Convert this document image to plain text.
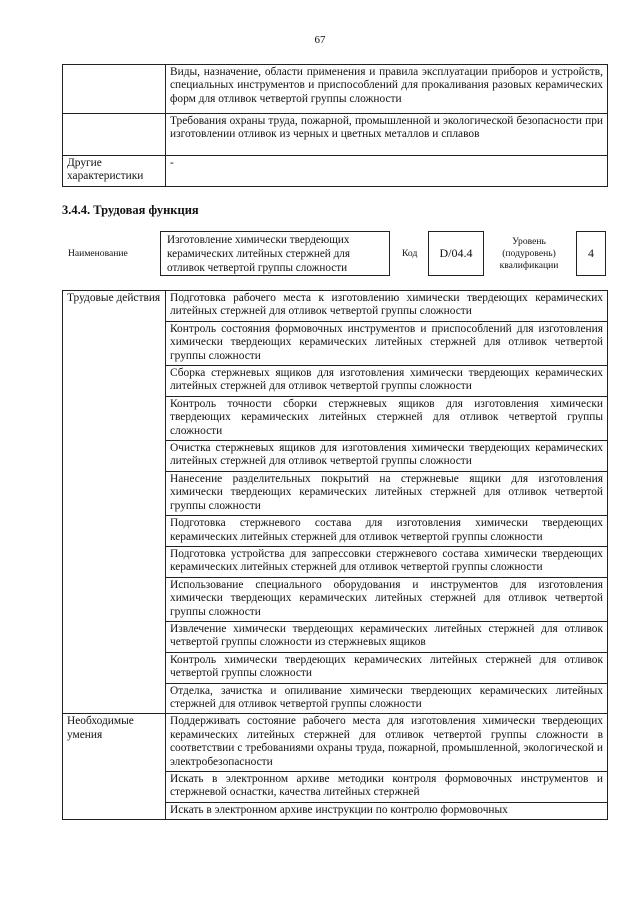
67
	Виды, назначение, области применения и правила эксплуатации приборов и устройств, специальных инструментов и приспособлений для прокаливания разовых керамических форм для отливок четвертой группы сложности
	Требования охраны труда, пожарной, промышленной и экологической безопасности при изготовлении отливок из черных и цветных металлов и сплавов
Другие характеристики	-
3.4.4. Трудовая функция
Наименование
Изготовление химически твердеющих керамических литейных стержней для отливок четвертой группы сложности
Код	D/04.4
Уровень (подуровень) квалификации
4
Трудовые действия	Подготовка рабочего места к изготовлению химически твердеющих керамических литейных стержней для отливок четвертой группы сложности
	Контроль состояния формовочных инструментов и приспособлений для изготовления химически твердеющих керамических литейных стержней для отливок четвертой группы сложности
	Сборка стержневых ящиков для изготовления химически твердеющих керамических литейных стержней для отливок четвертой группы сложности
	Контроль точности сборки стержневых ящиков для изготовления химически твердеющих керамических литейных стержней для отливок четвертой группы сложности
	Очистка стержневых ящиков для изготовления химически твердеющих керамических литейных стержней для отливок четвертой группы сложности
	Нанесение разделительных покрытий на стержневые ящики для изготовления химически твердеющих керамических литейных стержней для отливок четвертой группы сложности
	Подготовка стержневого состава для изготовления химически твердеющих керамических литейных стержней для отливок четвертой группы сложности
	Подготовка устройства для запрессовки стержневого состава химически твердеющих керамических литейных стержней для отливок четвертой группы сложности
	Использование специального оборудования и инструментов для изготовления химически твердеющих керамических литейных стержней для отливок четвертой группы сложности
	Извлечение химически твердеющих керамических литейных стержней для отливок четвертой группы сложности из стержневых ящиков
	Контроль химически твердеющих керамических литейных стержней для отливок четвертой группы сложности
	Отделка, зачистка и опиливание химически твердеющих керамических литейных стержней для отливок четвертой группы сложности
Необходимые умения	Поддерживать состояние рабочего места для изготовления химически твердеющих керамических литейных стержней для отливок четвертой группы сложности в соответствии с требованиями охраны труда, пожарной, промышленной, экологической и электробезопасности
	Искать в электронном архиве методики контроля формовочных инструментов и стержневой оснастки, качества литейных стержней
	Искать в электронном архиве инструкции по контролю формовочных
